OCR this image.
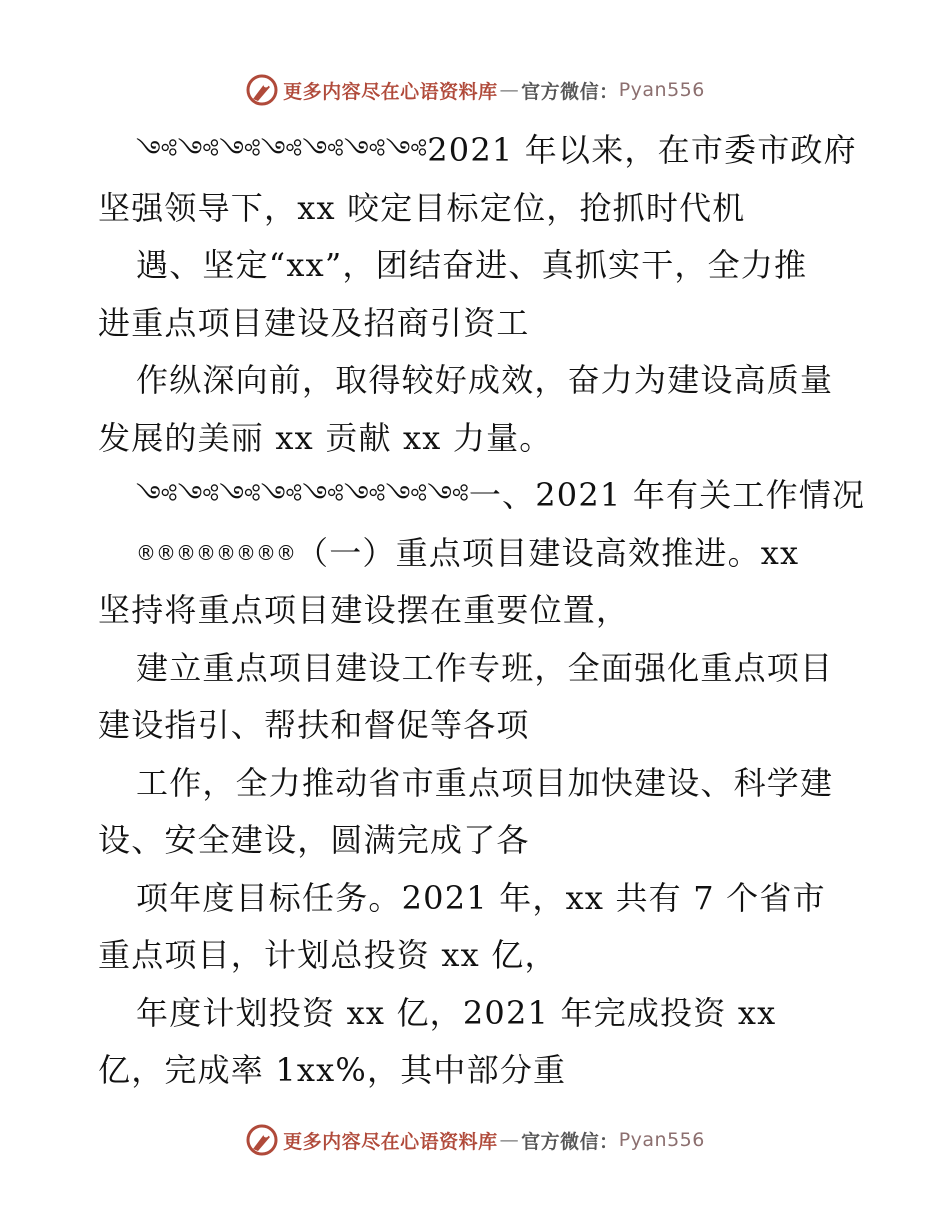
更多内容尽在心语资料库 — 官方微信： Pyan556
༺༺༺༺༺༺༺2021 年以来，在市委市政府
坚强领导下，xx 咬定目标定位，抢抓时代机
遇、坚定“xx”，团结奋进、真抓实干，全力推
进重点项目建设及招商引资工
作纵深向前，取得较好成效，奋力为建设高质量
发展的美丽 xx 贡献 xx 力量。
༺༺༺༺༺༺༺༺一、2021 年有关工作情况
®®®®®®®®（一）重点项目建设高效推进。xx
坚持将重点项目建设摆在重要位置，
建立重点项目建设工作专班，全面强化重点项目
建设指引、帮扶和督促等各项
工作，全力推动省市重点项目加快建设、科学建
设、安全建设，圆满完成了各
项年度目标任务。2021 年，xx 共有 7 个省市
重点项目，计划总投资 xx 亿，
年度计划投资 xx 亿，2021 年完成投资 xx
亿，完成率 1xx%，其中部分重
更多内容尽在心语资料库 — 官方微信： Pyan556
